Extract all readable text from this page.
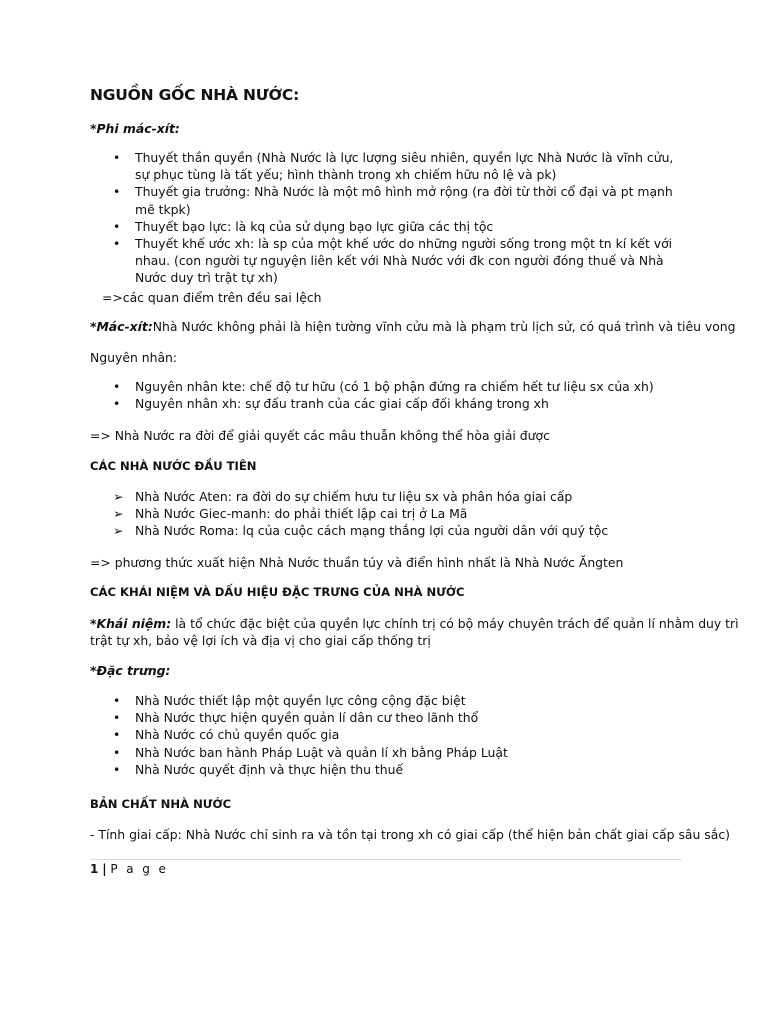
NGUỒN GỐC NHÀ NƯỚC:
*Phi mác-xít:
• Thuyết thần quyền (Nhà Nước là lực lượng siêu nhiên, quyền lực Nhà Nước là vĩnh cửu, sự phục tùng là tất yếu; hình thành trong xh chiếm hữu nô lệ và pk)
• Thuyết gia trưởng: Nhà Nước là một mô hình mở rộng (ra đời từ thời cổ đại và pt mạnh mẽ tkpk)
• Thuyết bạo lực: là kq của sử dụng bạo lực giữa các thị tộc
• Thuyết khế ước xh: là sp của một khế ước do những người sống trong một tn kí kết với nhau. (con người tự nguyện liên kết với Nhà Nước với đk con người đóng thuế và Nhà Nước duy trì trật tự xh)
=>các quan điểm trên đều sai lệch
*Mác-xít:Nhà Nước không phải là hiện tường vĩnh cửu mà là phạm trù lịch sử, có quá trình và tiêu vong
Nguyên nhân:
• Nguyên nhân kte: chế độ tư hữu (có 1 bộ phận đứng ra chiếm hết tư liệu sx của xh)
• Nguyên nhân xh: sự đấu tranh của các giai cấp đối kháng trong xh
=> Nhà Nước ra đời để giải quyết các mâu thuẫn không thể hòa giải được
CÁC NHÀ NƯỚC ĐẦU TIÊN
➢ Nhà Nước Aten: ra đời do sự chiếm hưu tư liệu sx và phân hóa giai cấp
➢ Nhà Nước Giec-manh: do phải thiết lập cai trị ở La Mã
➢ Nhà Nước Roma: lq của cuộc cách mạng thắng lợi của người dân với quý tộc
=> phương thức xuất hiện Nhà Nước thuần túy và điển hình nhất là Nhà Nước Ăngten
CÁC KHÁI NIỆM VÀ DẤU HIỆU ĐẶC TRƯNG CỦA NHÀ NƯỚC
*Khái niệm: là tổ chức đặc biệt của quyền lực chính trị có bộ máy chuyên trách để quản lí nhằm duy trì
trật tự xh, bảo vệ lợi ích và địa vị cho giai cấp thống trị
*Đặc trưng:
• Nhà Nước thiết lập một quyền lực công cộng đặc biệt
• Nhà Nước thực hiện quyền quản lí dân cư theo lãnh thổ
• Nhà Nước có chủ quyền quốc gia
• Nhà Nước ban hành Pháp Luật và quản lí xh bằng Pháp Luật
• Nhà Nước quyết định và thực hiện thu thuế
BẢN CHẤT NHÀ NƯỚC
- Tính giai cấp: Nhà Nước chỉ sinh ra và tồn tại trong xh có giai cấp (thể hiện bản chất giai cấp sâu sắc)
1 | P a g e
